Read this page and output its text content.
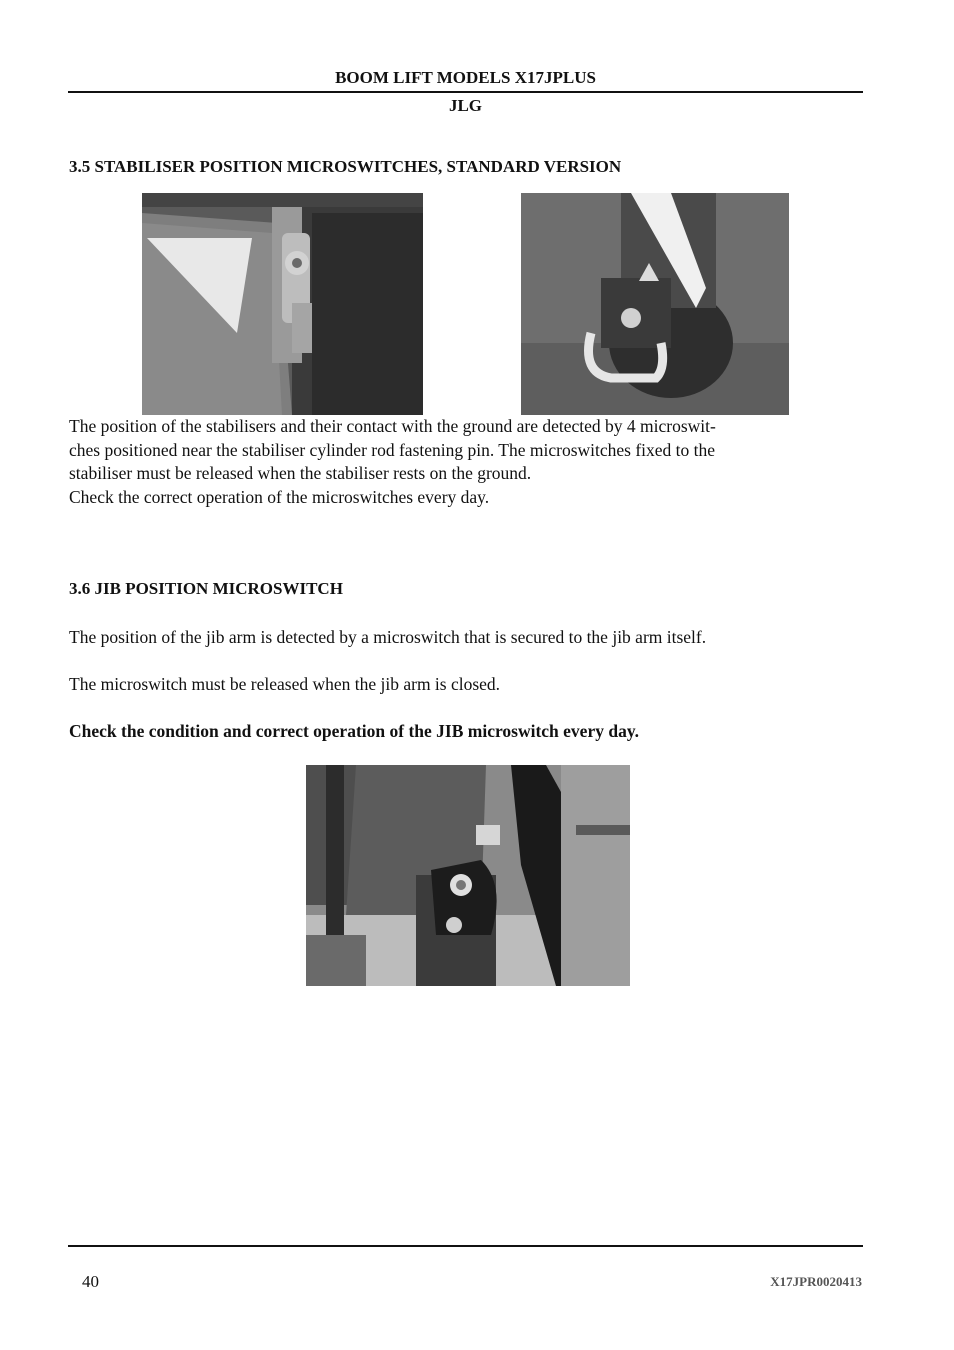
BOOM LIFT MODELS X17JPLUS
JLG
3.5 STABILISER POSITION MICROSWITCHES, STANDARD VERSION
The position of the stabilisers and their contact with the ground are detected by 4 microswit-
ches positioned near the stabiliser cylinder rod fastening pin. The microswitches fixed to the
stabiliser must be released when the stabiliser rests on the ground.
Check the correct operation of the microswitches every day.
3.6 JIB POSITION MICROSWITCH
The position of the jib arm is detected by a microswitch that is secured to the jib arm itself.
The microswitch must be released when the jib arm is closed.
Check the condition and correct operation of the JIB microswitch every day.
40	X17JPR0020413
